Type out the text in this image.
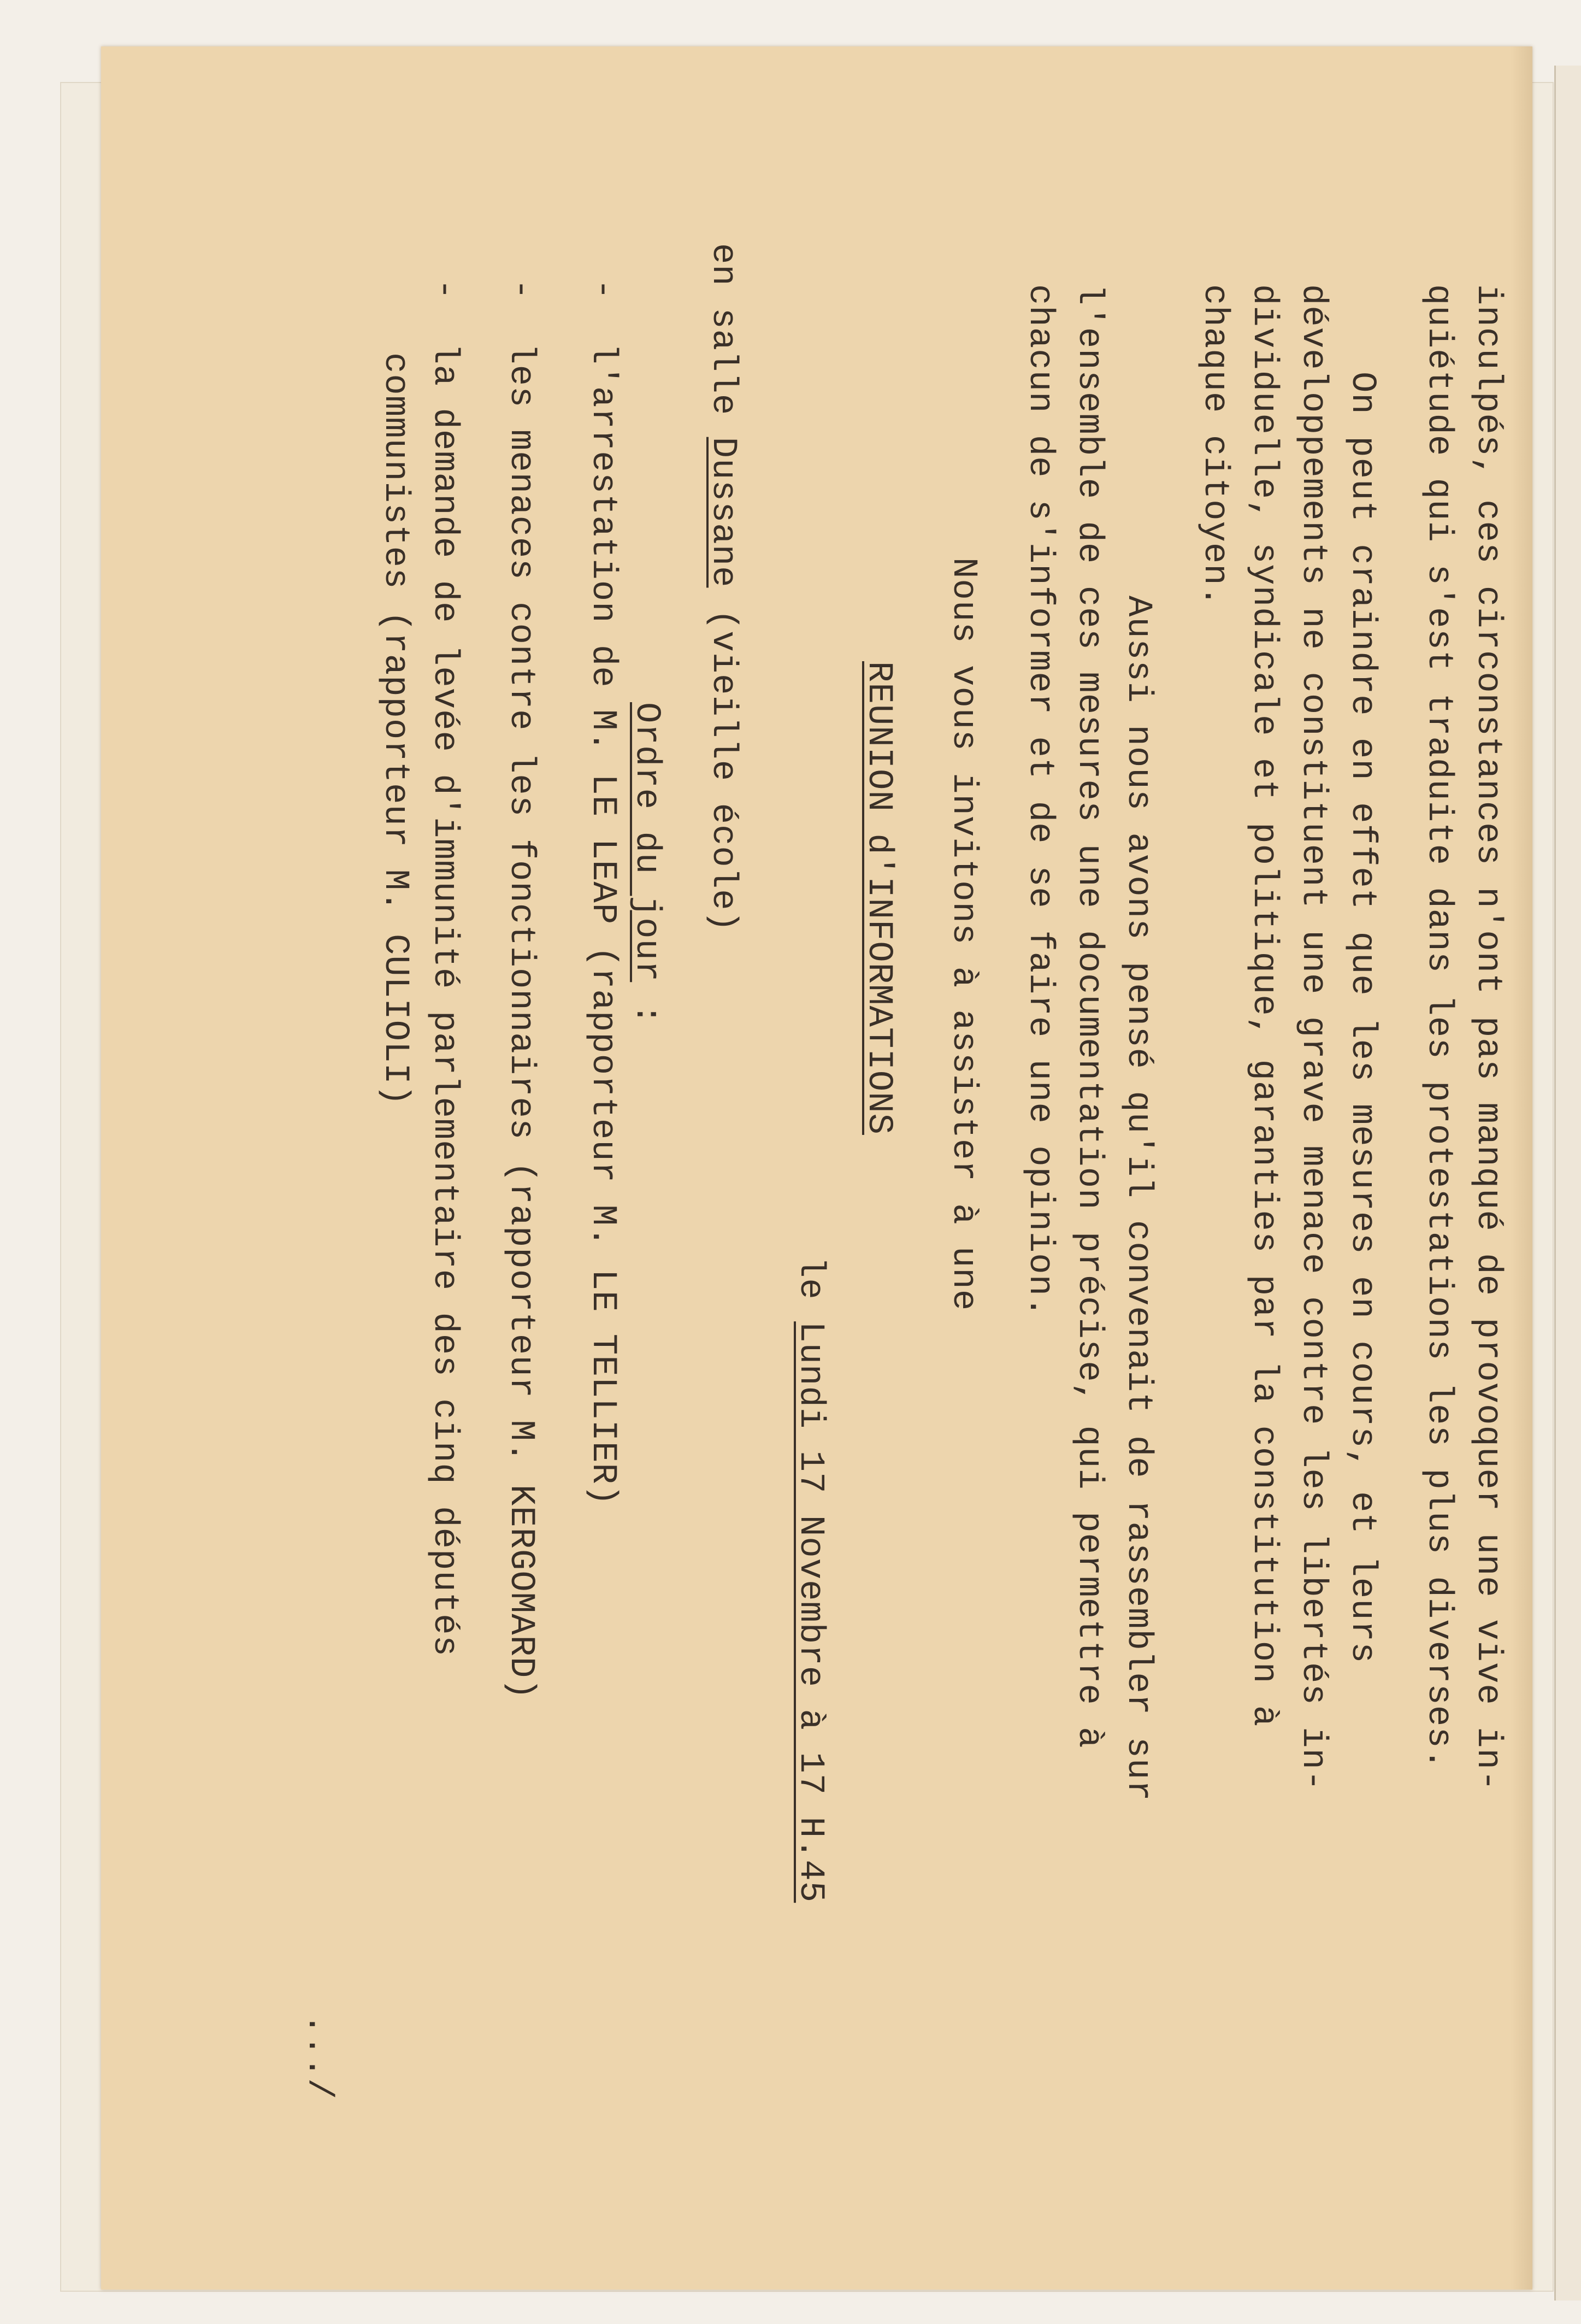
inculpés, ces circonstances n'ont pas manqué de provoquer une vive in-
quiétude qui s'est traduite dans les protestations les plus diverses.
On peut craindre en effet que les mesures en cours, et leurs
développements ne constituent une grave menace contre les libertés in-
dividuelle, syndicale et politique, garanties par la constitution à
chaque citoyen.
Aussi nous avons pensé qu'il convenait de rassembler sur
l'ensemble de ces mesures une documentation précise, qui permettre à
chacun de s'informer et de se faire une opinion.
Nous vous invitons à assister à une
REUNION d'INFORMATIONS
le Lundi 17 Novembre à 17 H.45
en salle Dussane (vieille école)
Ordre du jour :
-  l'arrestation de M. LE LEAP (rapporteur M. LE TELLIER)
-  les menaces contre les fonctionnaires (rapporteur M. KERGOMARD)
-  la demande de levée d'immunité parlementaire des cinq députés
communistes (rapporteur M. CULIOLI)
.../
